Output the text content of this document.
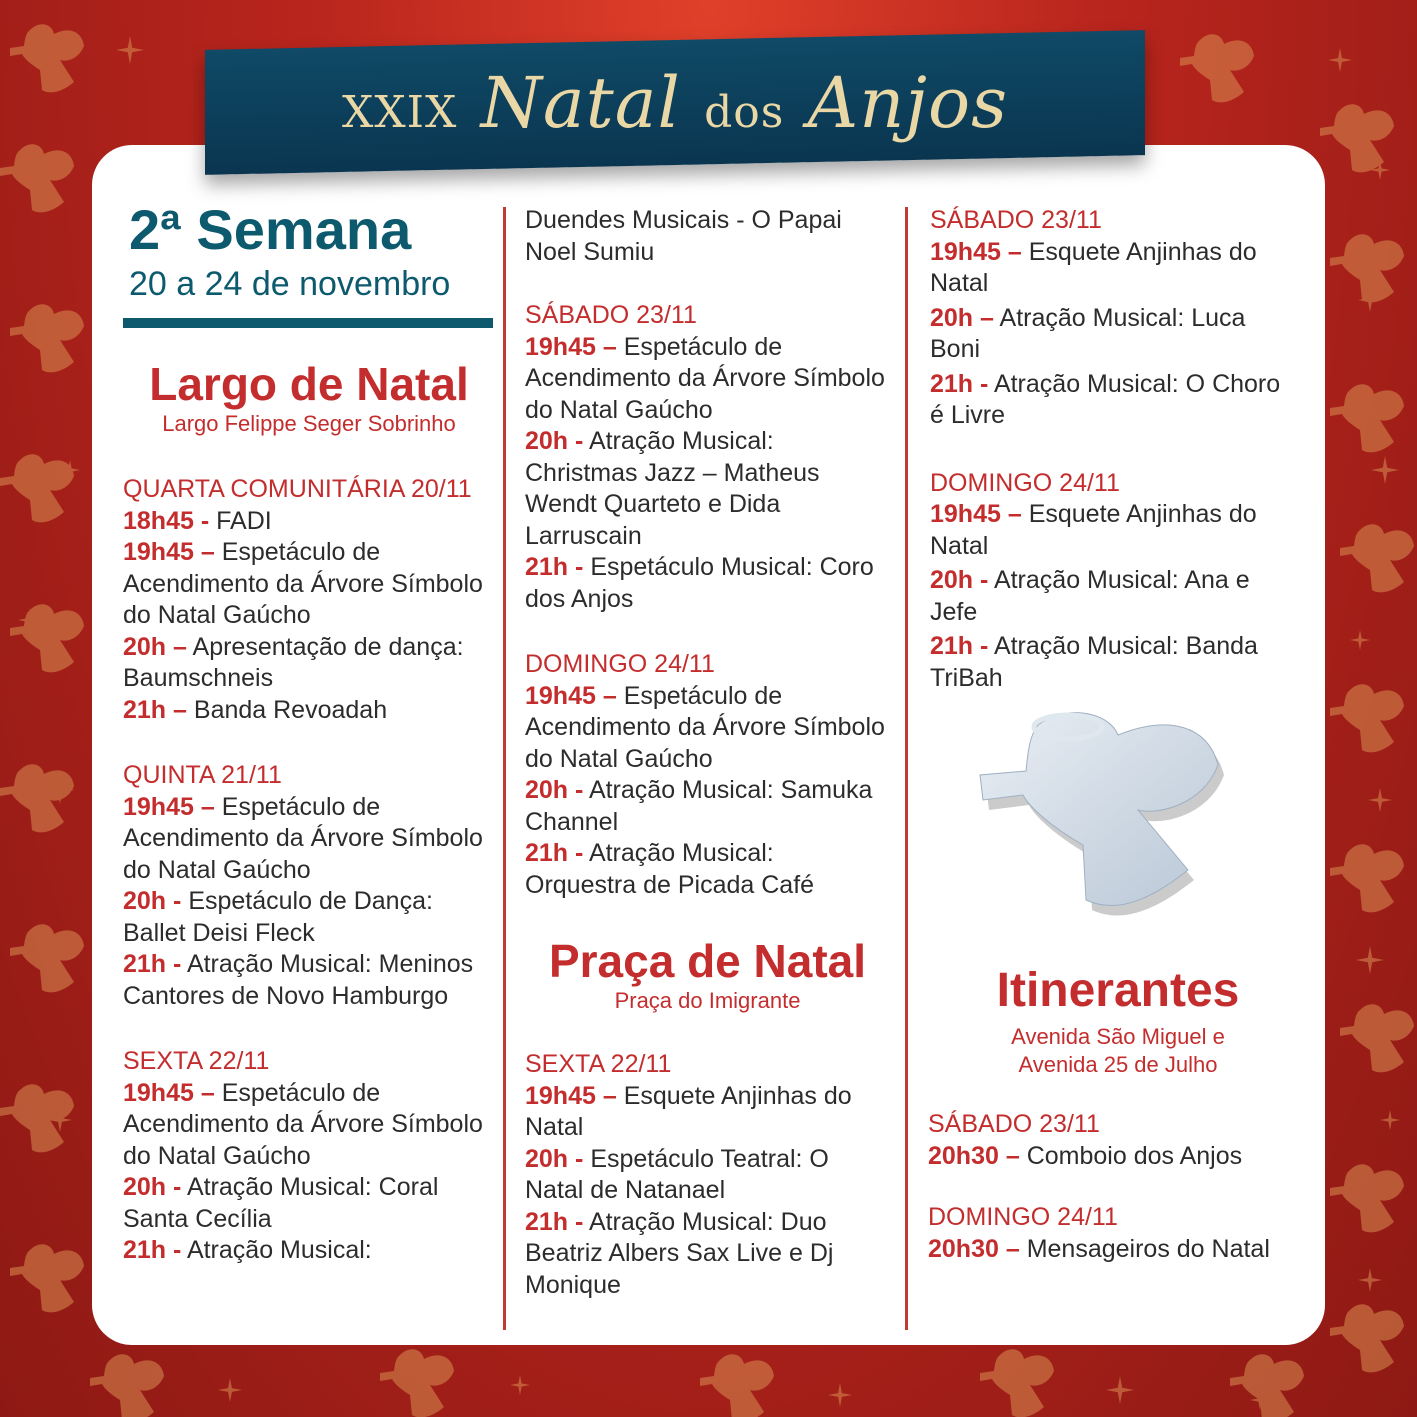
XXIX Natal dos Anjos
2ª Semana
20 a 24 de novembro
Largo de Natal
Largo Felippe Seger Sobrinho
QUARTA COMUNITÁRIA 20/11
18h45 - FADI
19h45 – Espetáculo de Acendimento da Árvore Símbolo do Natal Gaúcho
20h – Apresentação de dança: Baumschneis
21h – Banda Revoadah
QUINTA 21/11
19h45 – Espetáculo de Acendimento da Árvore Símbolo do Natal Gaúcho
20h - Espetáculo de Dança: Ballet Deisi Fleck
21h - Atração Musical: Meninos Cantores de Novo Hamburgo
SEXTA 22/11
19h45 – Espetáculo de Acendimento da Árvore Símbolo do Natal Gaúcho
20h - Atração Musical: Coral Santa Cecília
21h - Atração Musical:
Duendes Musicais - O Papai Noel Sumiu
SÁBADO 23/11
19h45 – Espetáculo de Acendimento da Árvore Símbolo do Natal Gaúcho
20h - Atração Musical: Christmas Jazz – Matheus Wendt Quarteto e Dida Larruscain
21h - Espetáculo Musical: Coro dos Anjos
DOMINGO 24/11
19h45 – Espetáculo de Acendimento da Árvore Símbolo do Natal Gaúcho
20h - Atração Musical: Samuka Channel
21h - Atração Musical: Orquestra de Picada Café
Praça de Natal
Praça do Imigrante
SEXTA 22/11
19h45 – Esquete Anjinhas do Natal
20h - Espetáculo Teatral: O Natal de Natanael
21h - Atração Musical: Duo Beatriz Albers Sax Live e Dj Monique
SÁBADO 23/11
19h45 – Esquete Anjinhas do Natal
20h – Atração Musical: Luca Boni
21h - Atração Musical: O Choro é Livre
DOMINGO 24/11
19h45 – Esquete Anjinhas do Natal
20h - Atração Musical: Ana e Jefe
21h - Atração Musical: Banda TriBah
Itinerantes
Avenida São Miguel e
Avenida 25 de Julho
SÁBADO 23/11
20h30 – Comboio dos Anjos
DOMINGO 24/11
20h30 – Mensageiros do Natal
